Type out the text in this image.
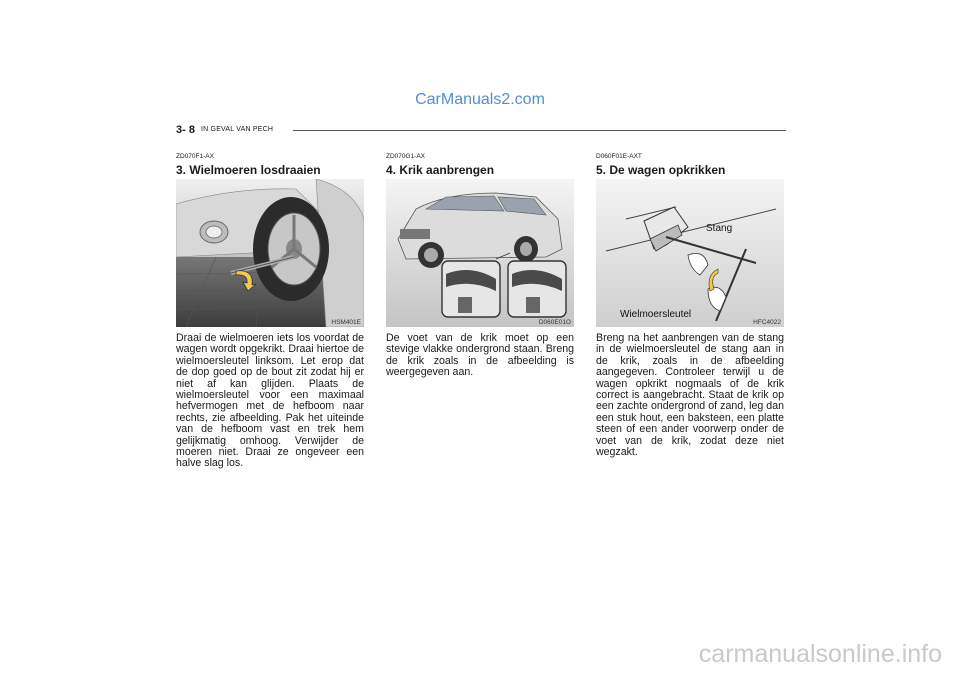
CarManuals2.com
3- 8 IN GEVAL VAN PECH
ZD070F1-AX
3. Wielmoeren losdraaien
HSM401E
Draai de wielmoeren iets los voordat de wagen wordt opgekrikt. Draai hiertoe de wielmoersleutel linksom. Let erop dat de dop goed op de bout zit zodat hij er niet af kan glijden. Plaats de wielmoersleutel voor een maximaal hefvermogen met de hefboom naar rechts, zie afbeelding. Pak het uiteinde van de hefboom vast en trek hem gelijkmatig omhoog. Verwijder de moeren niet. Draai ze ongeveer een halve slag los.
ZD070G1-AX
4. Krik aanbrengen
D060E01O
De voet van de krik moet op een stevige vlakke ondergrond staan. Breng de krik zoals in de afbeelding is weergegeven aan.
D060F01E-AXT
5. De wagen opkrikken
Stang
Wielmoersleutel
HFC4022
Breng na het aanbrengen van de stang in de wielmoersleutel de stang aan in de krik, zoals in de afbeelding aangegeven. Controleer terwijl u de wagen opkrikt nogmaals of de krik correct is aangebracht. Staat de krik op een zachte ondergrond of zand, leg dan een stuk hout, een baksteen, een platte steen of een ander voorwerp onder de voet van de krik, zodat deze niet wegzakt.
carmanualsonline.info
